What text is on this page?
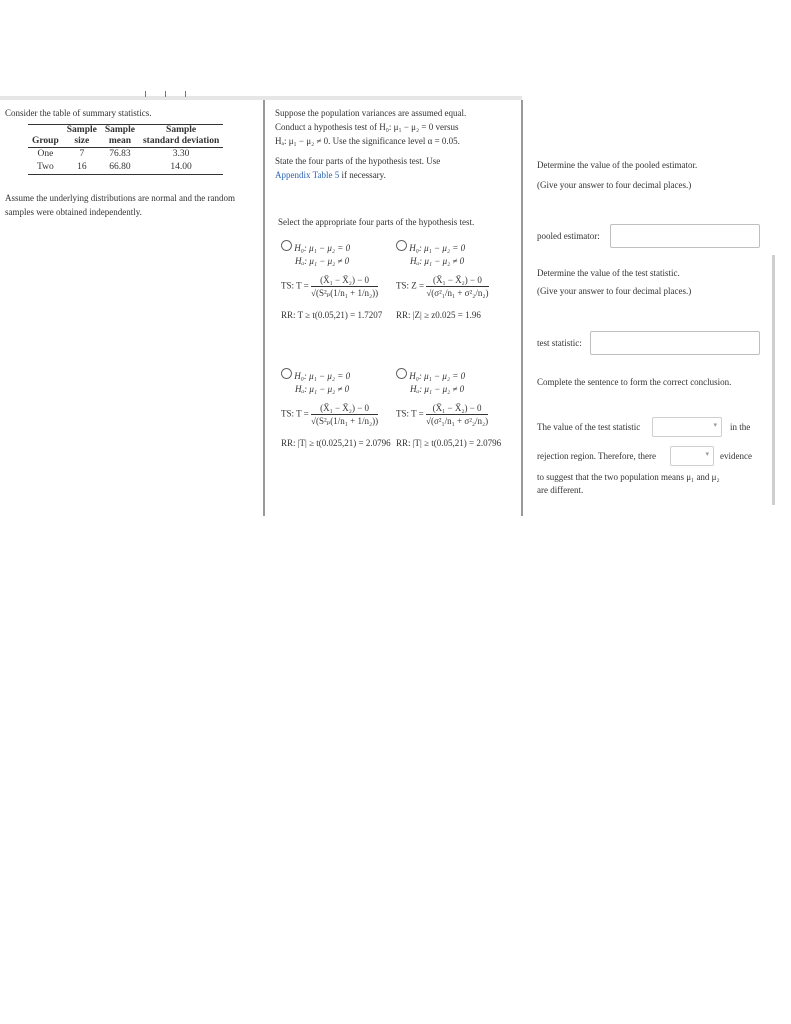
Consider the table of summary statistics.
	Sample	Sample	Sample
Group	size	mean	standard deviation
One	7	76.83	3.30
Two	16	66.80	14.00
Assume the underlying distributions are normal and the random samples were obtained independently.
Suppose the population variances are assumed equal.
Conduct a hypothesis test of H₀: μ₁ − μ₂ = 0 versus
Hₐ: μ₁ − μ₂ ≠ 0. Use the significance level α = 0.05.
State the four parts of the hypothesis test. Use
Appendix Table 5 if necessary.
Select the appropriate four parts of the hypothesis test.
H₀: μ₁ − μ₂ = 0
Hₐ: μ₁ − μ₂ ≠ 0
TS: $T = \frac{\text{(X̄₁ − X̄₂) − 0}}{\text{√(S²ₚ(1/n₁ + 1/n₂))}}$
RR: T ≥ t(0.05,21) = 1.7207
H₀: μ₁ − μ₂ = 0
Hₐ: μ₁ − μ₂ ≠ 0
TS: $Z = \frac{\text{(X̄₁ − X̄₂) − 0}}{\text{√(σ²₁/n₁ + σ²₂/n₂)}}$
RR: |Z| ≥ z0.025 = 1.96
H₀: μ₁ − μ₂ = 0
Hₐ: μ₁ − μ₂ ≠ 0
TS: $T = \frac{\text{(X̄₁ − X̄₂) − 0}}{\text{√(S²ₚ(1/n₁ + 1/n₂))}}$
RR: |T| ≥ t(0.025,21) = 2.0796
H₀: μ₁ − μ₂ = 0
Hₐ: μ₁ − μ₂ ≠ 0
TS: $T = \frac{\text{(X̄₁ − X̄₂) − 0}}{\text{√(σ²₁/n₁ + σ²₂/n₂)}}$
RR: |T| ≥ t(0.05,21) = 2.0796
Determine the value of the pooled estimator.
(Give your answer to four decimal places.)
pooled estimator:
Determine the value of the test statistic.
(Give your answer to four decimal places.)
test statistic:
Complete the sentence to form the correct conclusion.
The value of the test statistic	▾ in the
rejection region. Therefore, there	▾ evidence
to suggest that the two population means μ₁ and μ₂
are different.
